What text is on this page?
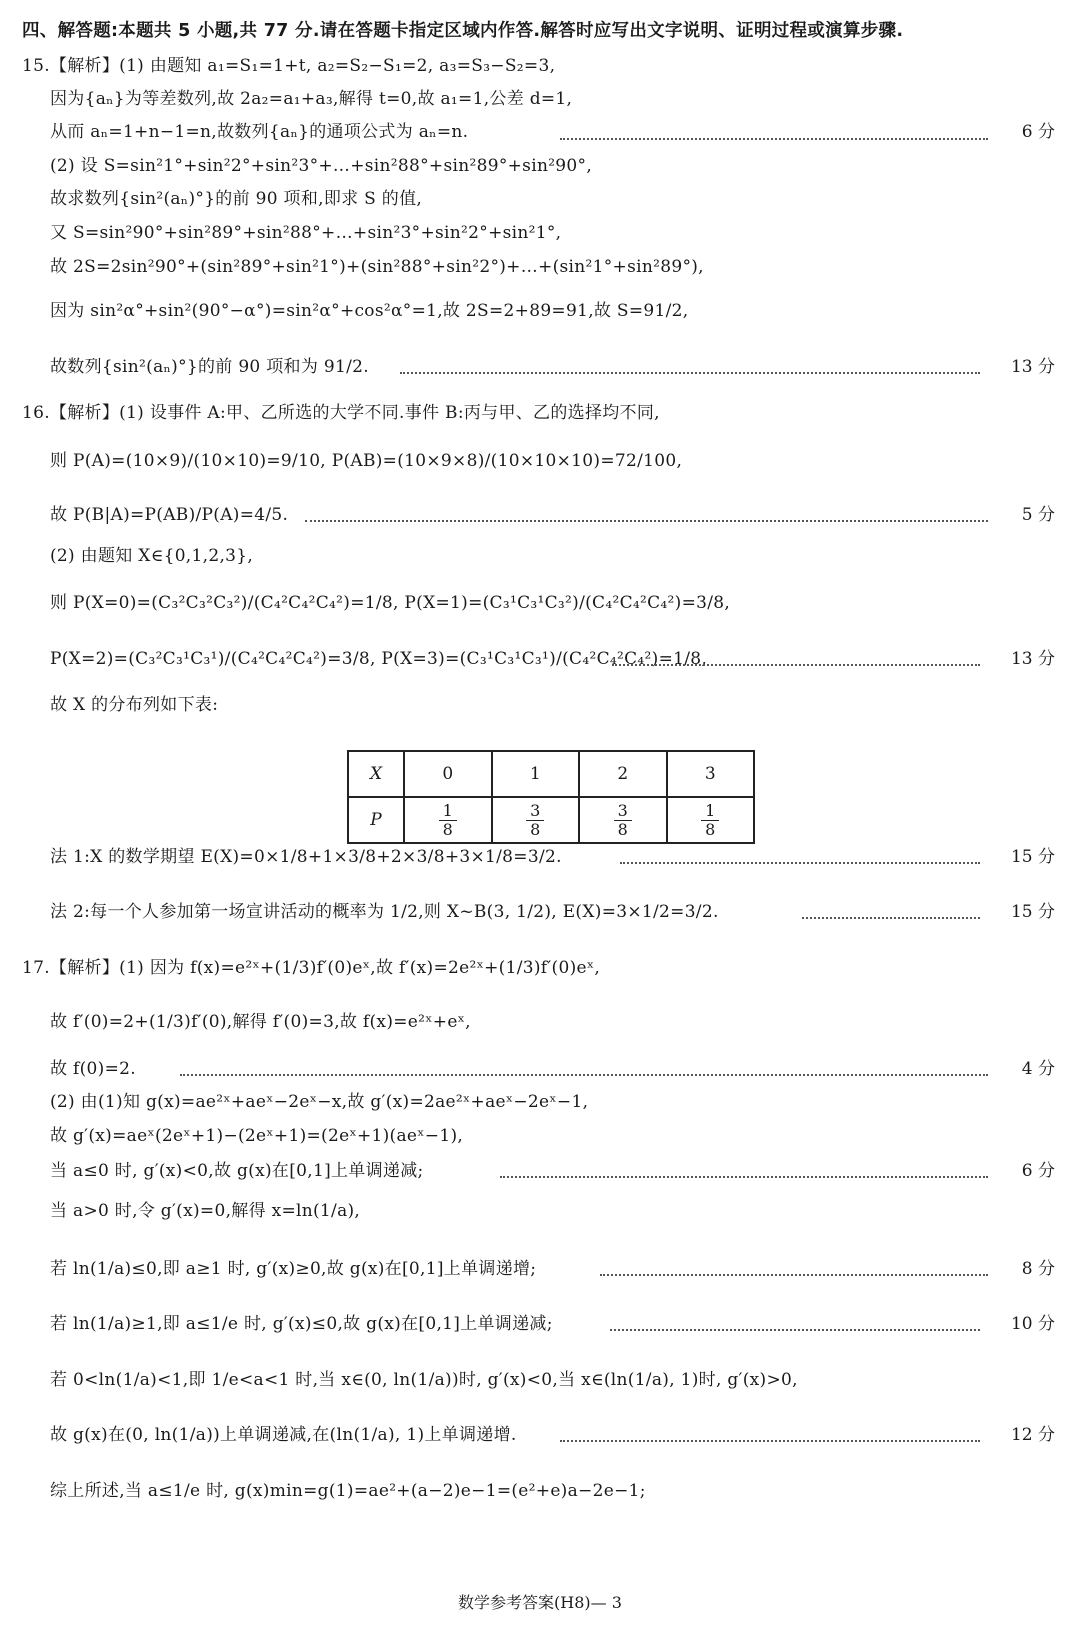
四、解答题:本题共 5 小题,共 77 分.请在答题卡指定区域内作答.解答时应写出文字说明、证明过程或演算步骤.
15.【解析】(1) 由题知 a₁=S₁=1+t, a₂=S₂−S₁=2, a₃=S₃−S₂=3,
因为{aₙ}为等差数列,故 2a₂=a₁+a₃,解得 t=0,故 a₁=1,公差 d=1,
从而 aₙ=1+n−1=n,故数列{aₙ}的通项公式为 aₙ=n.	6 分
(2) 设 S=sin²1°+sin²2°+sin²3°+…+sin²88°+sin²89°+sin²90°,
故求数列{sin²(aₙ)°}的前 90 项和,即求 S 的值,
又 S=sin²90°+sin²89°+sin²88°+…+sin²3°+sin²2°+sin²1°,
故 2S=2sin²90°+(sin²89°+sin²1°)+(sin²88°+sin²2°)+…+(sin²1°+sin²89°),
因为 sin²α°+sin²(90°−α°)=sin²α°+cos²α°=1,故 2S=2+89=91,故 S=91/2,
故数列{sin²(aₙ)°}的前 90 项和为 91/2.	13 分
16.【解析】(1) 设事件 A:甲、乙所选的大学不同.事件 B:丙与甲、乙的选择均不同,
则 P(A)=(10×9)/(10×10)=9/10, P(AB)=(10×9×8)/(10×10×10)=72/100,
故 P(B|A)=P(AB)/P(A)=4/5.	5 分
(2) 由题知 X∈{0,1,2,3},
则 P(X=0)=(C₃²C₃²C₃²)/(C₄²C₄²C₄²)=1/8, P(X=1)=(C₃¹C₃¹C₃²)/(C₄²C₄²C₄²)=3/8,
P(X=2)=(C₃²C₃¹C₃¹)/(C₄²C₄²C₄²)=3/8, P(X=3)=(C₃¹C₃¹C₃¹)/(C₄²C₄²C₄²)=1/8,	13 分
故 X 的分布列如下表:
X	0	1	2	3
P	$\frac{1}{8}$	$\frac{3}{8}$	$\frac{3}{8}$	$\frac{1}{8}$
法 1:X 的数学期望 E(X)=0×1/8+1×3/8+2×3/8+3×1/8=3/2.	15 分
法 2:每一个人参加第一场宣讲活动的概率为 1/2,则 X~B(3, 1/2), E(X)=3×1/2=3/2.	15 分
17.【解析】(1) 因为 f(x)=e²ˣ+(1/3)f′(0)eˣ,故 f′(x)=2e²ˣ+(1/3)f′(0)eˣ,
故 f′(0)=2+(1/3)f′(0),解得 f′(0)=3,故 f(x)=e²ˣ+eˣ,
故 f(0)=2.	4 分
(2) 由(1)知 g(x)=ae²ˣ+aeˣ−2eˣ−x,故 g′(x)=2ae²ˣ+aeˣ−2eˣ−1,
故 g′(x)=aeˣ(2eˣ+1)−(2eˣ+1)=(2eˣ+1)(aeˣ−1),
当 a≤0 时, g′(x)<0,故 g(x)在[0,1]上单调递减;	6 分
当 a>0 时,令 g′(x)=0,解得 x=ln(1/a),
若 ln(1/a)≤0,即 a≥1 时, g′(x)≥0,故 g(x)在[0,1]上单调递增;	8 分
若 ln(1/a)≥1,即 a≤1/e 时, g′(x)≤0,故 g(x)在[0,1]上单调递减;	10 分
若 0<ln(1/a)<1,即 1/e<a<1 时,当 x∈(0, ln(1/a))时, g′(x)<0,当 x∈(ln(1/a), 1)时, g′(x)>0,
故 g(x)在(0, ln(1/a))上单调递减,在(ln(1/a), 1)上单调递增.	12 分
综上所述,当 a≤1/e 时, g(x)min=g(1)=ae²+(a−2)e−1=(e²+e)a−2e−1;
数学参考答案(H8)— 3
